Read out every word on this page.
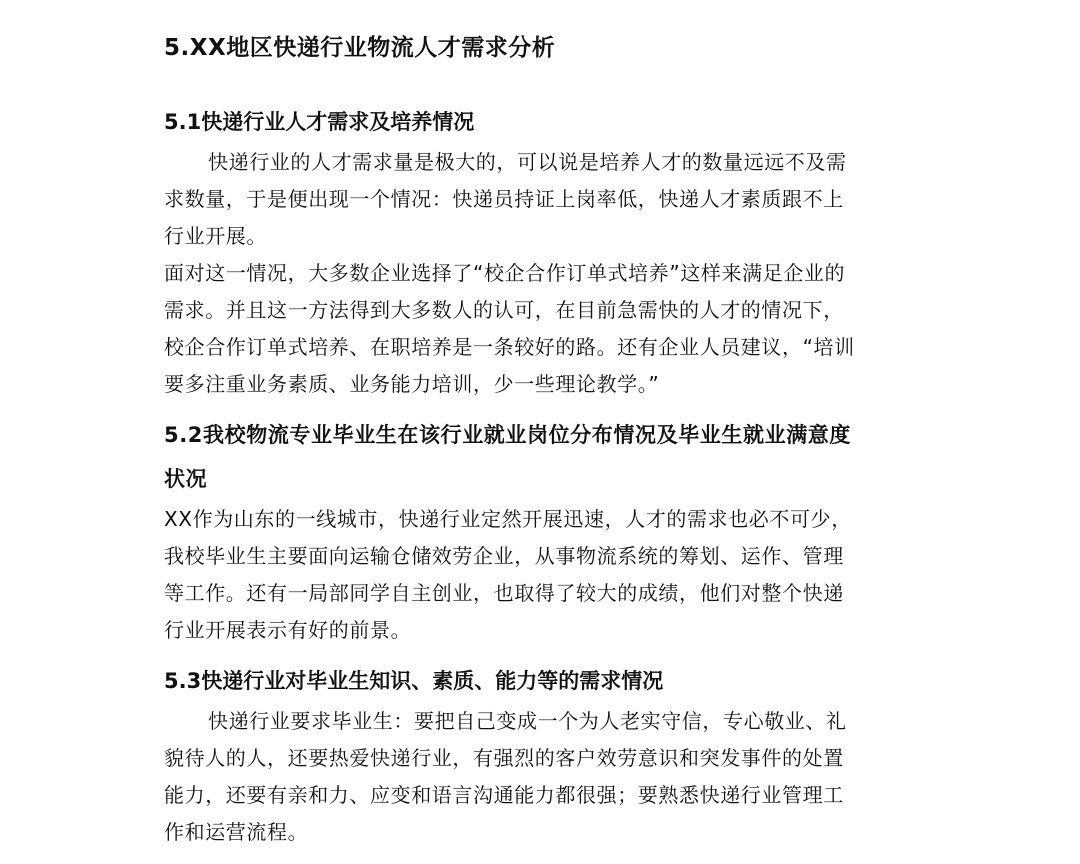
5.XX地区快递行业物流人才需求分析
5.1快递行业人才需求及培养情况
快递行业的人才需求量是极大的，可以说是培养人才的数量远远不及需
求数量，于是便出现一个情况：快递员持证上岗率低，快递人才素质跟不上
行业开展。
面对这一情况，大多数企业选择了“校企合作订单式培养”这样来满足企业的
需求。并且这一方法得到大多数人的认可，在目前急需快的人才的情况下，
校企合作订单式培养、在职培养是一条较好的路。还有企业人员建议，“培训
要多注重业务素质、业务能力培训，少一些理论教学。”
5.2我校物流专业毕业生在该行业就业岗位分布情况及毕业生就业满意度
状况
XX作为山东的一线城市，快递行业定然开展迅速，人才的需求也必不可少，
我校毕业生主要面向运输仓储效劳企业，从事物流系统的筹划、运作、管理
等工作。还有一局部同学自主创业，也取得了较大的成绩，他们对整个快递
行业开展表示有好的前景。
5.3快递行业对毕业生知识、素质、能力等的需求情况
快递行业要求毕业生：要把自己变成一个为人老实守信，专心敬业、礼
貌待人的人，还要热爱快递行业，有强烈的客户效劳意识和突发事件的处置
能力，还要有亲和力、应变和语言沟通能力都很强；要熟悉快递行业管理工
作和运营流程。
